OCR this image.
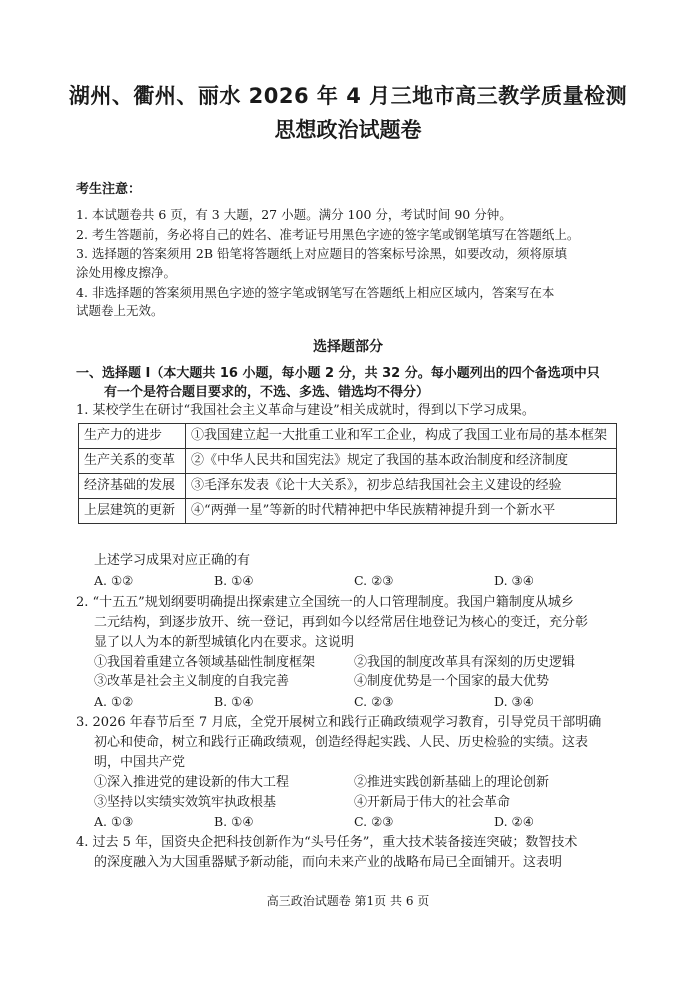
湖州、衢州、丽水 2026 年 4 月三地市高三教学质量检测
思想政治试题卷
考生注意：
1. 本试题卷共 6 页，有 3 大题，27 小题。满分 100 分，考试时间 90 分钟。
2. 考生答题前，务必将自己的姓名、准考证号用黑色字迹的签字笔或钢笔填写在答题纸上。
3. 选择题的答案须用 2B 铅笔将答题纸上对应题目的答案标号涂黑，如要改动，须将原填
涂处用橡皮擦净。
4. 非选择题的答案须用黑色字迹的签字笔或钢笔写在答题纸上相应区域内，答案写在本
试题卷上无效。
选择题部分
一、选择题 I（本大题共 16 小题，每小题 2 分，共 32 分。每小题列出的四个备选项中只
有一个是符合题目要求的，不选、多选、错选均不得分）
1. 某校学生在研讨“我国社会主义革命与建设”相关成就时，得到以下学习成果。
生产力的进步	①我国建立起一大批重工业和军工企业，构成了我国工业布局的基本框架
生产关系的变革	②《中华人民共和国宪法》规定了我国的基本政治制度和经济制度
经济基础的发展	③毛泽东发表《论十大关系》，初步总结我国社会主义建设的经验
上层建筑的更新	④“两弹一星”等新的时代精神把中华民族精神提升到一个新水平
上述学习成果对应正确的有
A. ①②	B. ①④	C. ②③	D. ③④
2. “十五五”规划纲要明确提出探索建立全国统一的人口管理制度。我国户籍制度从城乡
二元结构，到逐步放开、统一登记，再到如今以经常居住地登记为核心的变迁，充分彰
显了以人为本的新型城镇化内在要求。这说明
①我国着重建立各领域基础性制度框架	②我国的制度改革具有深刻的历史逻辑
③改革是社会主义制度的自我完善	④制度优势是一个国家的最大优势
A. ①②	B. ①④	C. ②③	D. ③④
3. 2026 年春节后至 7 月底，全党开展树立和践行正确政绩观学习教育，引导党员干部明确
初心和使命，树立和践行正确政绩观，创造经得起实践、人民、历史检验的实绩。这表
明，中国共产党
①深入推进党的建设新的伟大工程	②推进实践创新基础上的理论创新
③坚持以实绩实效筑牢执政根基	④开新局于伟大的社会革命
A. ①③	B. ①④	C. ②③	D. ②④
4. 过去 5 年，国资央企把科技创新作为“头号任务”，重大技术装备接连突破；数智技术
的深度融入为大国重器赋予新动能，而向未来产业的战略布局已全面铺开。这表明
高三政治试题卷 第1页 共 6 页
